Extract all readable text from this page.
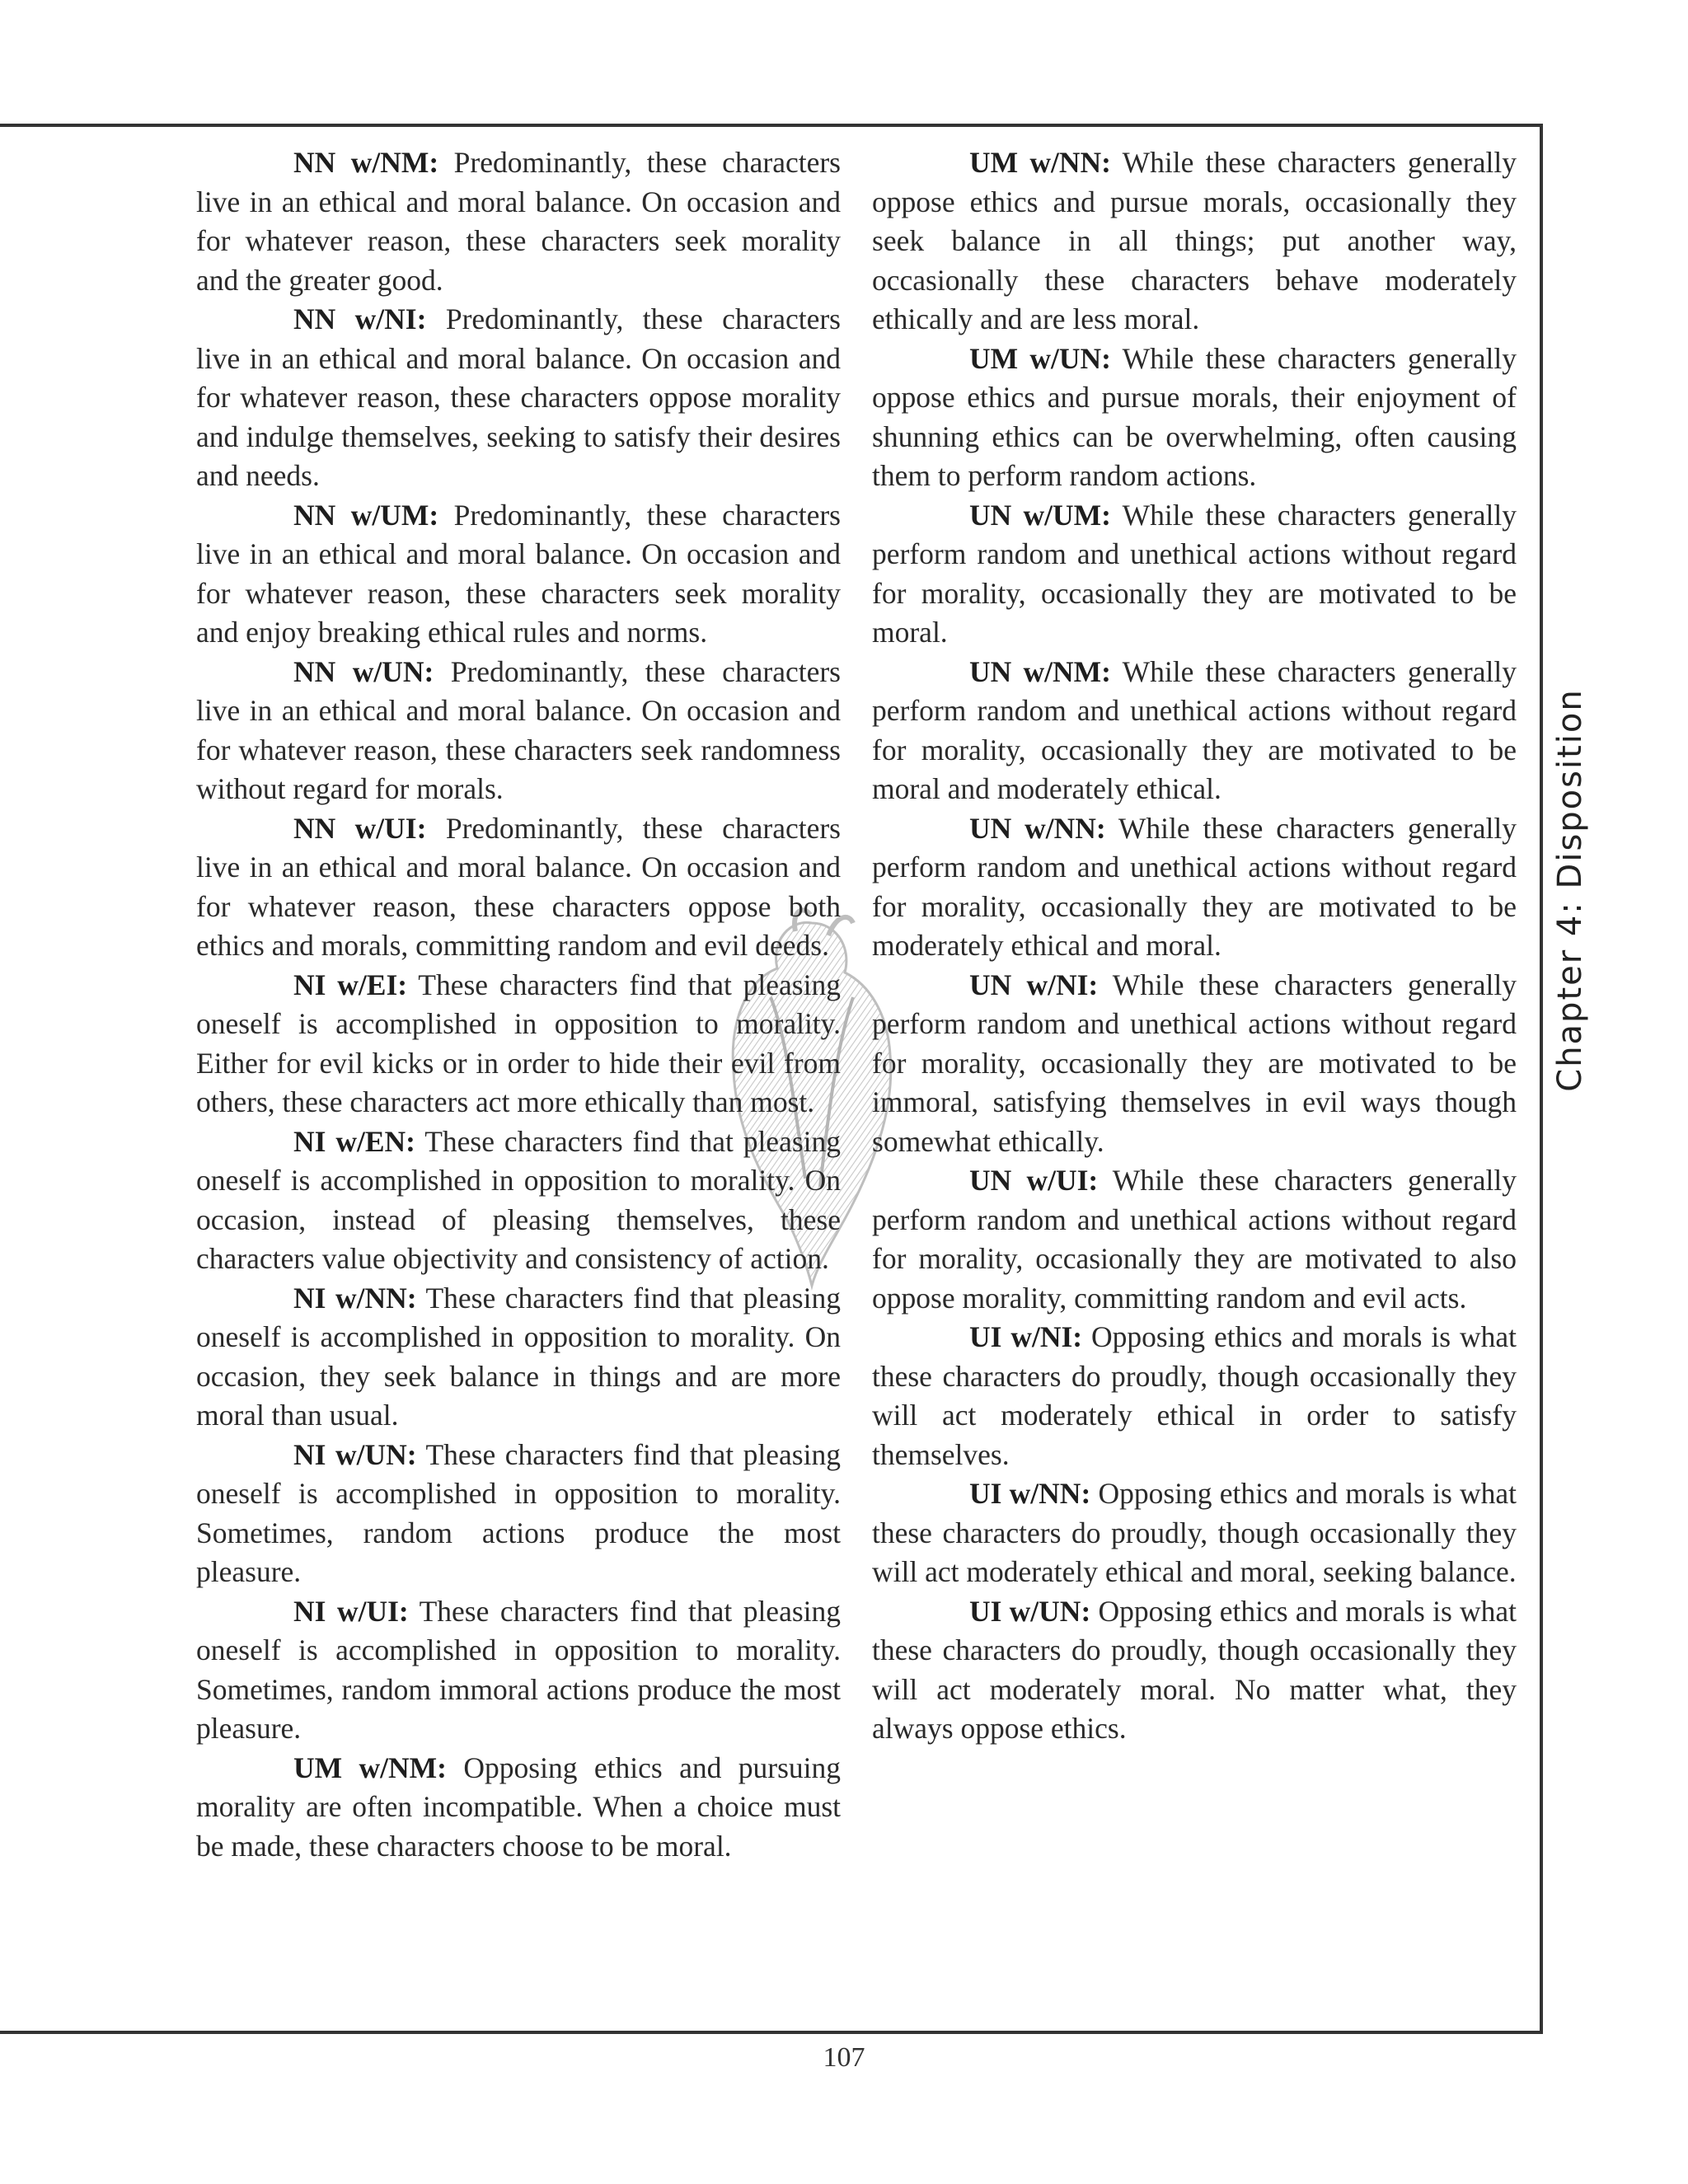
NN w/NM: Predominantly, these characters live in an ethical and moral balance. On occasion and for whatever reason, these characters seek morality and the greater good.

NN w/NI: Predominantly, these characters live in an ethical and moral balance. On occasion and for whatever reason, these characters oppose morality and indulge themselves, seeking to satisfy their desires and needs.

NN w/UM: Predominantly, these characters live in an ethical and moral balance. On occasion and for whatever reason, these characters seek morality and enjoy breaking ethical rules and norms.

NN w/UN: Predominantly, these characters live in an ethical and moral balance. On occasion and for whatever reason, these characters seek randomness without regard for morals.

NN w/UI: Predominantly, these characters live in an ethical and moral balance. On occasion and for whatever reason, these characters oppose both ethics and morals, committing random and evil deeds.

NI w/EI: These characters find that pleasing oneself is accomplished in opposition to morality. Either for evil kicks or in order to hide their evil from others, these characters act more ethically than most.

NI w/EN: These characters find that pleasing oneself is accomplished in opposition to morality. On occasion, instead of pleasing themselves, these characters value objectivity and consistency of action.

NI w/NN: These characters find that pleasing oneself is accomplished in opposition to morality. On occasion, they seek balance in things and are more moral than usual.

NI w/UN: These characters find that pleasing oneself is accomplished in opposition to morality. Sometimes, random actions produce the most pleasure.

NI w/UI: These characters find that pleasing oneself is accomplished in opposition to morality. Sometimes, random immoral actions produce the most pleasure.

UM w/NM: Opposing ethics and pursuing morality are often incompatible. When a choice must be made, these characters choose to be moral.

UM w/NN: While these characters generally oppose ethics and pursue morals, occasionally they seek balance in all things; put another way, occasionally these characters behave moderately ethically and are less moral.

UM w/UN: While these characters generally oppose ethics and pursue morals, their enjoyment of shunning ethics can be overwhelming, often causing them to perform random actions.

UN w/UM: While these characters generally perform random and unethical actions without regard for morality, occasionally they are motivated to be moral.

UN w/NM: While these characters generally perform random and unethical actions without regard for morality, occasionally they are motivated to be moral and moderately ethical.

UN w/NN: While these characters generally perform random and unethical actions without regard for morality, occasionally they are motivated to be moderately ethical and moral.

UN w/NI: While these characters generally perform random and unethical actions without regard for morality, occasionally they are motivated to be immoral, satisfying themselves in evil ways though somewhat ethically.

UN w/UI: While these characters generally perform random and unethical actions without regard for morality, occasionally they are motivated to also oppose morality, committing random and evil acts.

UI w/NI: Opposing ethics and morals is what these characters do proudly, though occasionally they will act moderately ethical in order to satisfy themselves.

UI w/NN: Opposing ethics and morals is what these characters do proudly, though occasionally they will act moderately ethical and moral, seeking balance.

UI w/UN: Opposing ethics and morals is what these characters do proudly, though occasionally they will act moderately moral. No matter what, they always oppose ethics.

Chapter 4: Disposition
107
